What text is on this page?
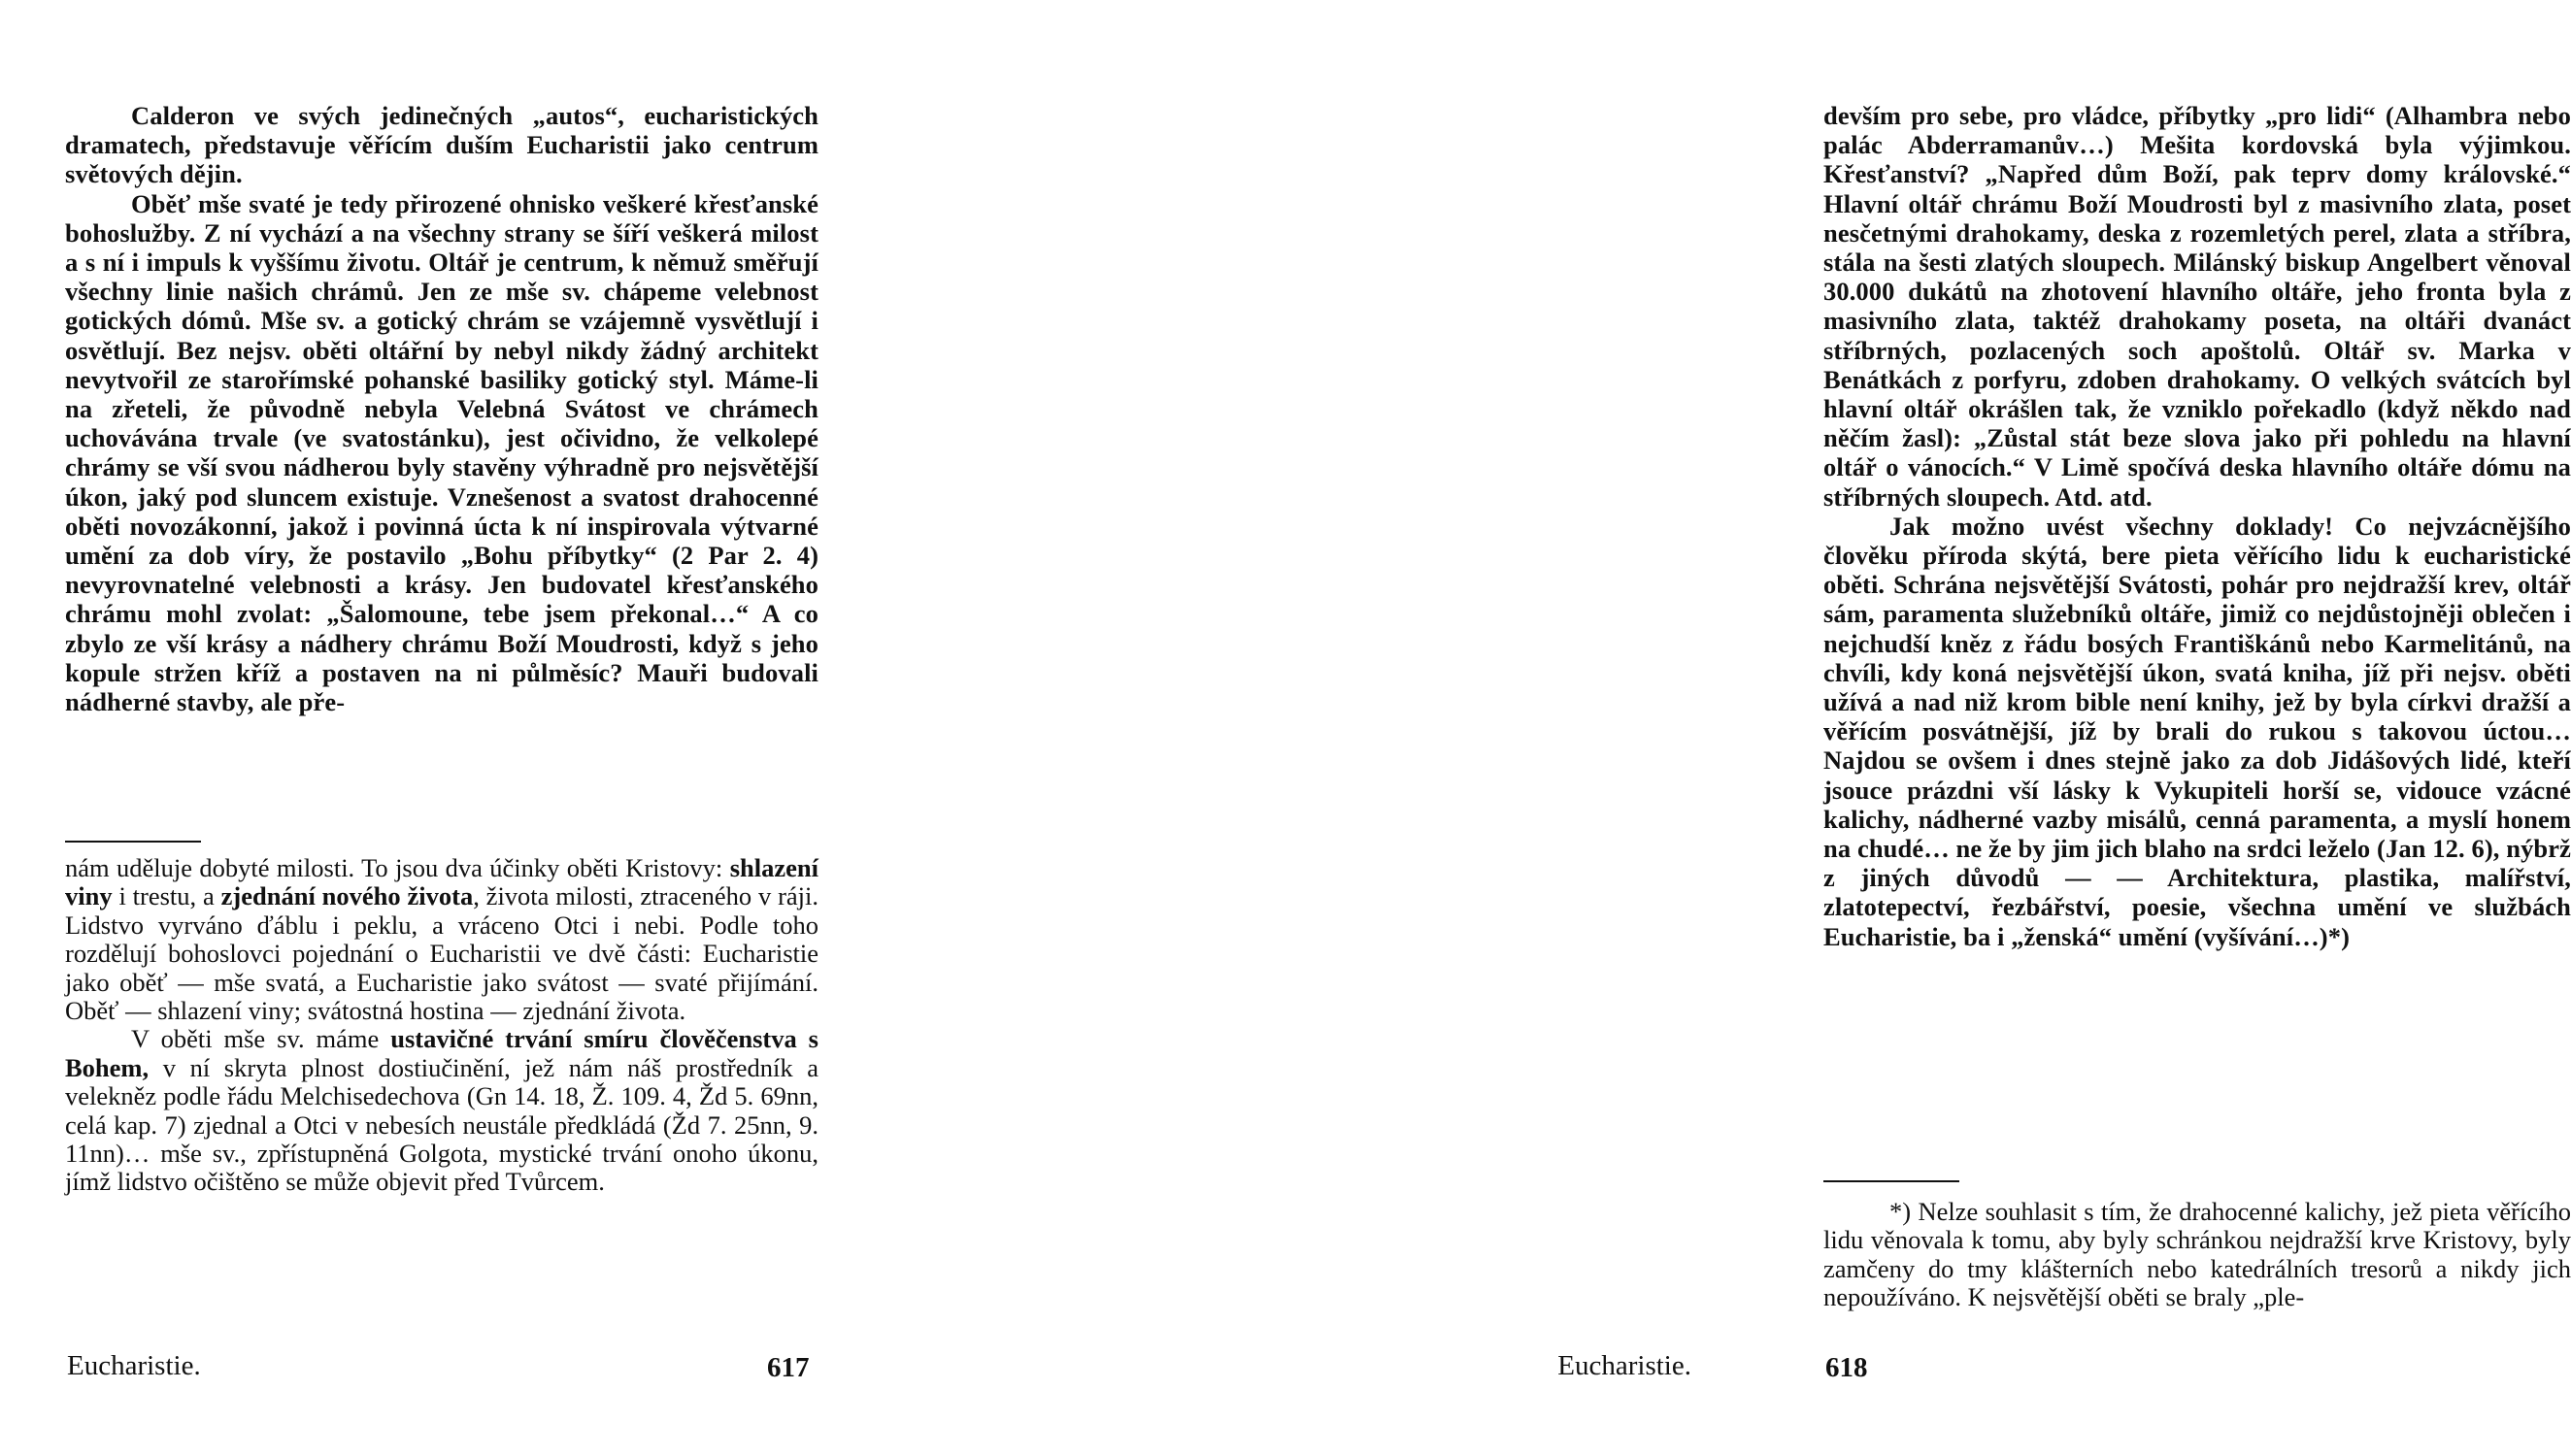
Calderon ve svých jedinečných „autos“, eucharistických dramatech, představuje věřícím duším Eucharistii jako centrum světových dějin.

Oběť mše svaté je tedy přirozené ohnisko veškeré křesťanské bohoslužby. Z ní vychází a na všechny strany se šíří veškerá milost a s ní i impuls k vyššímu životu. Oltář je centrum, k němuž směřují všechny linie našich chrámů. Jen ze mše sv. chápeme velebnost gotických dómů. Mše sv. a gotický chrám se vzájemně vysvětlují i osvětlují. Bez nejsv. oběti oltářní by nebyl nikdy žádný architekt nevytvořil ze starořímské pohanské basiliky gotický styl. Máme-li na zřeteli, že původně nebyla Velebná Svátost ve chrámech uchovávána trvale (ve svatostánku), jest očividno, že velkolepé chrámy se vší svou nádherou byly stavěny výhradně pro nejsvětější úkon, jaký pod sluncem existuje. Vznešenost a svatost drahocenné oběti novozákonní, jakož i povinná úcta k ní inspirovala výtvarné umění za dob víry, že postavilo „Bohu příbytky“ (2 Par 2. 4) nevyrovnatelné velebnosti a krásy. Jen budovatel křesťanského chrámu mohl zvolat: „Šalomoune, tebe jsem překonal…“ A co zbylo ze vší krásy a nádhery chrámu Boží Moudrosti, když s jeho kopule stržen kříž a postaven na ni půlměsíc? Mauři budovali nádherné stavby, ale pře-

nám uděluje dobyté milosti. To jsou dva účinky oběti Kristovy: shlazení viny i trestu, a zjednání nového života, života milosti, ztraceného v ráji. Lidstvo vyrváno ďáblu i peklu, a vráceno Otci i nebi. Podle toho rozdělují bohoslovci pojednání o Eucharistii ve dvě části: Eucharistie jako oběť — mše svatá, a Eucharistie jako svátost — svaté přijímání. Oběť — shlazení viny; svátostná hostina — zjednání života.

V oběti mše sv. máme ustavičné trvání smíru člověčenstva s Bohem, v ní skryta plnost dostiučinění, jež nám náš prostředník a velekněz podle řádu Melchisedechova (Gn 14. 18, Ž. 109. 4, Žd 5. 69nn, celá kap. 7) zjednal a Otci v nebesích neustále předkládá (Žd 7. 25nn, 9. 11nn)… mše sv., zpřístupněná Golgota, mystické trvání onoho úkonu, jímž lidstvo očištěno se může objevit před Tvůrcem.

Eucharistie.	617

devším pro sebe, pro vládce, příbytky „pro lidi“ (Alhambra nebo palác Abderramanův…) Mešita kordovská byla výjimkou. Křesťanství? „Napřed dům Boží, pak teprv domy královské.“ Hlavní oltář chrámu Boží Moudrosti byl z masivního zlata, poset nesčetnými drahokamy, deska z rozemletých perel, zlata a stříbra, stála na šesti zlatých sloupech. Milánský biskup Angelbert věnoval 30.000 dukátů na zhotovení hlavního oltáře, jeho fronta byla z masivního zlata, taktéž drahokamy poseta, na oltáři dvanáct stříbrných, pozlacených soch apoštolů. Oltář sv. Marka v Benátkách z porfyru, zdoben drahokamy. O velkých svátcích byl hlavní oltář okrášlen tak, že vzniklo pořekadlo (když někdo nad něčím žasl): „Zůstal stát beze slova jako při pohledu na hlavní oltář o vánocích.“ V Limě spočívá deska hlavního oltáře dómu na stříbrných sloupech. Atd. atd.

Jak možno uvést všechny doklady! Co nejvzácnějšího člověku příroda skýtá, bere pieta věřícího lidu k eucharistické oběti. Schrána nejsvětější Svátosti, pohár pro nejdražší krev, oltář sám, paramenta služebníků oltáře, jimiž co nejdůstojněji oblečen i nejchudší kněz z řádu bosých Františkánů nebo Karmelitánů, na chvíli, kdy koná nejsvětější úkon, svatá kniha, jíž při nejsv. oběti užívá a nad niž krom bible není knihy, jež by byla církvi dražší a věřícím posvátnější, jíž by brali do rukou s takovou úctou… Najdou se ovšem i dnes stejně jako za dob Jidášových lidé, kteří jsouce prázdni vší lásky k Vykupiteli horší se, vidouce vzácné kalichy, nádherné vazby misálů, cenná paramenta, a myslí honem na chudé… ne že by jim jich blaho na srdci leželo (Jan 12. 6), nýbrž z jiných důvodů — — Architektura, plastika, malířství, zlatotepectví, řezbářství, poesie, všechna umění ve službách Eucharistie, ba i „ženská“ umění (vyšívání…)*)

*) Nelze souhlasit s tím, že drahocenné kalichy, jež pieta věřícího lidu věnovala k tomu, aby byly schránkou nejdražší krve Kristovy, byly zamčeny do tmy klášterních nebo katedrálních tresorů a nikdy jich nepoužíváno. K nejsvětější oběti se braly „ple-

618
Eucharistie.
